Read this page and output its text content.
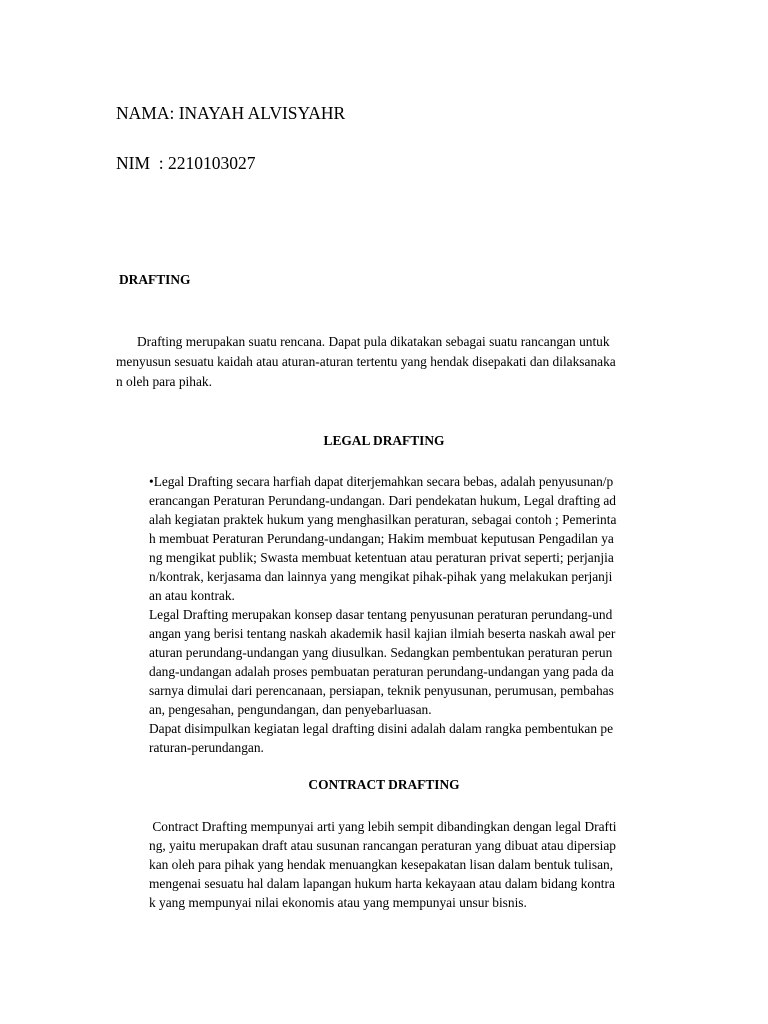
NAMA: INAYAH ALVISYAHR
NIM  : 2210103027
DRAFTING
Drafting merupakan suatu rencana. Dapat pula dikatakan sebagai suatu rancangan untuk
menyusun sesuatu kaidah atau aturan-aturan tertentu yang hendak disepakati dan dilaksanaka
n oleh para pihak.
LEGAL DRAFTING
•Legal Drafting secara harfiah dapat diterjemahkan secara bebas, adalah penyusunan/p
erancangan Peraturan Perundang-undangan. Dari pendekatan hukum, Legal drafting ad
alah kegiatan praktek hukum yang menghasilkan peraturan, sebagai contoh ; Pemerinta
h membuat Peraturan Perundang-undangan; Hakim membuat keputusan Pengadilan ya
ng mengikat publik; Swasta membuat ketentuan atau peraturan privat seperti; perjanjia
n/kontrak, kerjasama dan lainnya yang mengikat pihak-pihak yang melakukan perjanji
an atau kontrak.
Legal Drafting merupakan konsep dasar tentang penyusunan peraturan perundang-und
angan yang berisi tentang naskah akademik hasil kajian ilmiah beserta naskah awal per
aturan perundang-undangan yang diusulkan. Sedangkan pembentukan peraturan perun
dang-undangan adalah proses pembuatan peraturan perundang-undangan yang pada da
sarnya dimulai dari perencanaan, persiapan, teknik penyusunan, perumusan, pembahas
an, pengesahan, pengundangan, dan penyebarluasan.
Dapat disimpulkan kegiatan legal drafting disini adalah dalam rangka pembentukan pe
raturan-perundangan.
CONTRACT DRAFTING
Contract Drafting mempunyai arti yang lebih sempit dibandingkan dengan legal Drafti
ng, yaitu merupakan draft atau susunan rancangan peraturan yang dibuat atau dipersiap
kan oleh para pihak yang hendak menuangkan kesepakatan lisan dalam bentuk tulisan,
mengenai sesuatu hal dalam lapangan hukum harta kekayaan atau dalam bidang kontra
k yang mempunyai nilai ekonomis atau yang mempunyai unsur bisnis.
